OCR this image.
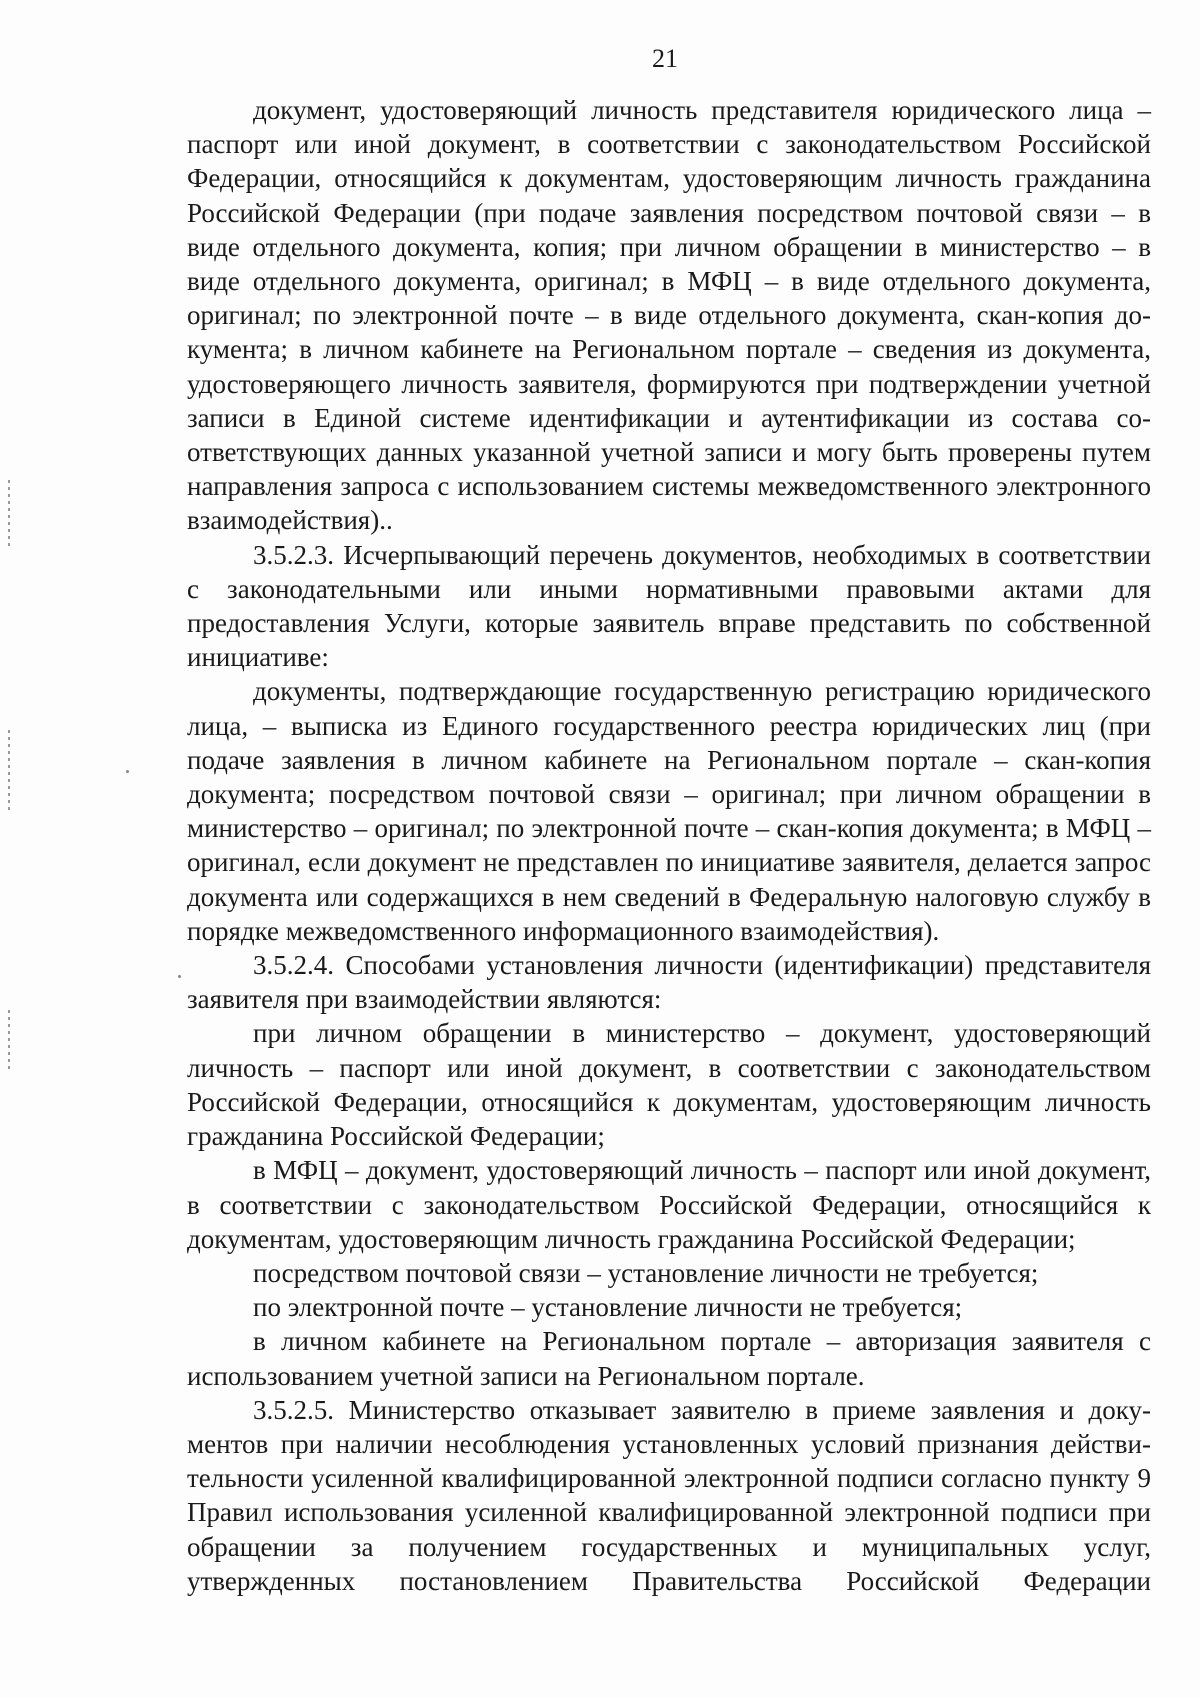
21

документ, удостоверяющий личность представителя юридического лица – паспорт или иной документ, в соответствии с законодательством Российской Федерации, относящийся к документам, удостоверяющим личность гражданина Российской Федерации (при подаче заявления посредством почтовой связи – в виде отдельного документа, копия; при личном обращении в министерство – в виде отдельного документа, оригинал; в МФЦ – в виде отдельного документа, оригинал; по электронной почте – в виде отдельного документа, скан-копия документа; в личном кабинете на Региональном портале – сведения из документа, удостоверяющего личность заявителя, формируются при подтверждении учетной записи в Единой системе идентификации и аутентификации из состава соответствующих данных указанной учетной записи и могу быть проверены путем направления запроса с использованием системы межведомственного электронного взаимодействия)..

3.5.2.3. Исчерпывающий перечень документов, необходимых в соответствии с законодательными или иными нормативными правовыми актами для предоставления Услуги, которые заявитель вправе представить по собственной инициативе:

документы, подтверждающие государственную регистрацию юридического лица, – выписка из Единого государственного реестра юридических лиц (при подаче заявления в личном кабинете на Региональном портале – скан-копия документа; посредством почтовой связи – оригинал; при личном обращении в министерство – оригинал; по электронной почте – скан-копия документа; в МФЦ – оригинал, если документ не представлен по инициативе заявителя, делается запрос документа или содержащихся в нем сведений в Федеральную налоговую службу в порядке межведомственного информационного взаимодействия).

3.5.2.4. Способами установления личности (идентификации) представителя заявителя при взаимодействии являются:

при личном обращении в министерство – документ, удостоверяющий личность – паспорт или иной документ, в соответствии с законодательством Российской Федерации, относящийся к документам, удостоверяющим личность гражданина Российской Федерации;

в МФЦ – документ, удостоверяющий личность – паспорт или иной документ, в соответствии с законодательством Российской Федерации, относящийся к документам, удостоверяющим личность гражданина Российской Федерации;

посредством почтовой связи – установление личности не требуется;

по электронной почте – установление личности не требуется;

в личном кабинете на Региональном портале – авторизация заявителя с использованием учетной записи на Региональном портале.

3.5.2.5. Министерство отказывает заявителю в приеме заявления и документов при наличии несоблюдения установленных условий признания действительности усиленной квалифицированной электронной подписи согласно пункту 9 Правил использования усиленной квалифицированной электронной подписи при обращении за получением государственных и муниципальных услуг, утвержденных постановлением Правительства Российской Федерации
